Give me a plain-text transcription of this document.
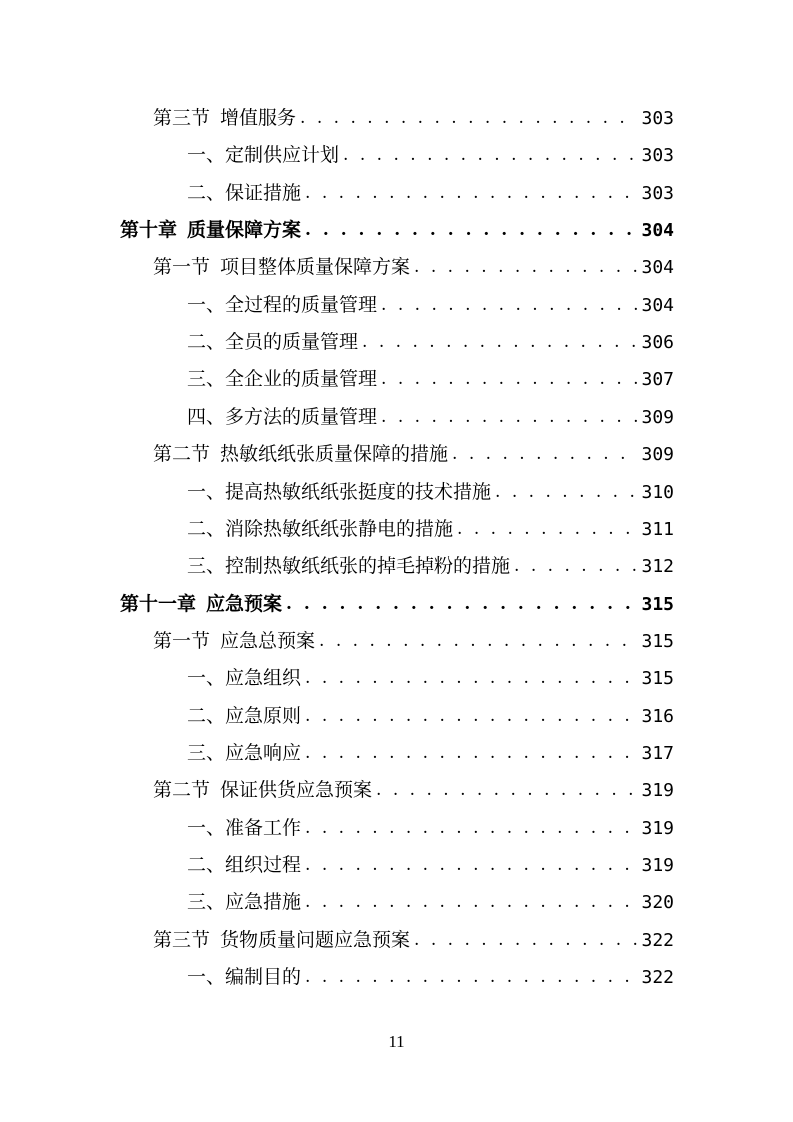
第三节 增值服务 . . .	303
一、定制供应计划 . . .	303
二、保证措施 . . .	303
第十章 质量保障方案 . . .	304
第一节 项目整体质量保障方案 . . .	304
一、全过程的质量管理 . . .	304
二、全员的质量管理 . . .	306
三、全企业的质量管理 . . .	307
四、多方法的质量管理 . . .	309
第二节 热敏纸纸张质量保障的措施 . . .	309
一、提高热敏纸纸张挺度的技术措施 . . .	310
二、消除热敏纸纸张静电的措施 . . .	311
三、控制热敏纸纸张的掉毛掉粉的措施 . . .	312
第十一章 应急预案 . . .	315
第一节 应急总预案 . . .	315
一、应急组织 . . .	315
二、应急原则 . . .	316
三、应急响应 . . .	317
第二节 保证供货应急预案 . . .	319
一、准备工作 . . .	319
二、组织过程 . . .	319
三、应急措施 . . .	320
第三节 货物质量问题应急预案 . . .	322
一、编制目的 . . .	322
11
